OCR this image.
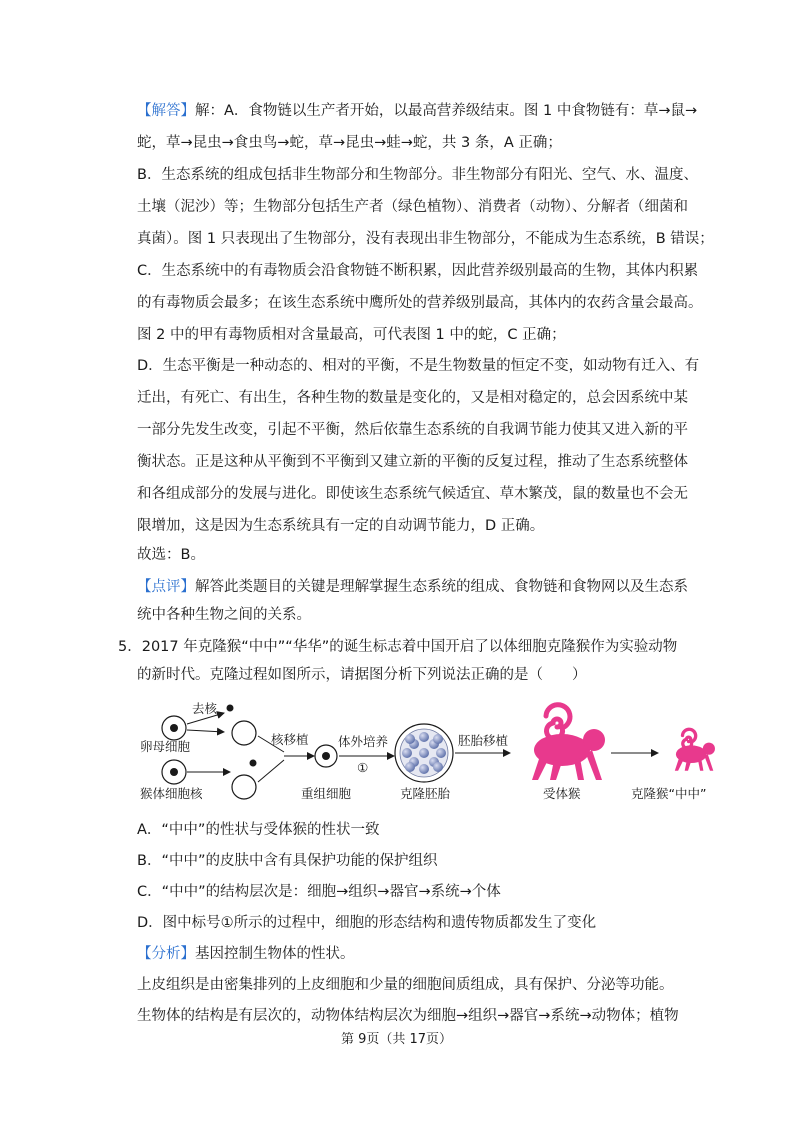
【解答】解：A．食物链以生产者开始，以最高营养级结束。图 1 中食物链有：草→鼠→
蛇，草→昆虫→食虫鸟→蛇，草→昆虫→蛙→蛇，共 3 条，A 正确；
B．生态系统的组成包括非生物部分和生物部分。非生物部分有阳光、空气、水、温度、
土壤（泥沙）等；生物部分包括生产者（绿色植物）、消费者（动物）、分解者（细菌和
真菌）。图 1 只表现出了生物部分，没有表现出非生物部分，不能成为生态系统，B 错误；
C．生态系统中的有毒物质会沿食物链不断积累，因此营养级别最高的生物，其体内积累
的有毒物质会最多；在该生态系统中鹰所处的营养级别最高，其体内的农药含量会最高。
图 2 中的甲有毒物质相对含量最高，可代表图 1 中的蛇，C 正确；
D．生态平衡是一种动态的、相对的平衡，不是生物数量的恒定不变，如动物有迁入、有
迁出，有死亡、有出生，各种生物的数量是变化的，又是相对稳定的，总会因系统中某
一部分先发生改变，引起不平衡，然后依靠生态系统的自我调节能力使其又进入新的平
衡状态。正是这种从平衡到不平衡到又建立新的平衡的反复过程，推动了生态系统整体
和各组成部分的发展与进化。即使该生态系统气候适宜、草木繁茂，鼠的数量也不会无
限增加，这是因为生态系统具有一定的自动调节能力，D 正确。
故选：B。
【点评】解答此类题目的关键是理解掌握生态系统的组成、食物链和食物网以及生态系
统中各种生物之间的关系。
5．2017 年克隆猴“中中”“华华”的诞生标志着中国开启了以体细胞克隆猴作为实验动物
的新时代。克隆过程如图所示，请据图分析下列说法正确的是（　　）
卵母细胞
去核
猴体细胞核
核移植
重组细胞
体外培养
①
克隆胚胎
胚胎移植
受体猴	克隆猴“中中”
A．“中中”的性状与受体猴的性状一致
B．“中中”的皮肤中含有具保护功能的保护组织
C．“中中”的结构层次是：细胞→组织→器官→系统→个体
D．图中标号①所示的过程中，细胞的形态结构和遗传物质都发生了变化
【分析】基因控制生物体的性状。
上皮组织是由密集排列的上皮细胞和少量的细胞间质组成，具有保护、分泌等功能。
生物体的结构是有层次的，动物体结构层次为细胞→组织→器官→系统→动物体；植物
第 9页（共 17页）
